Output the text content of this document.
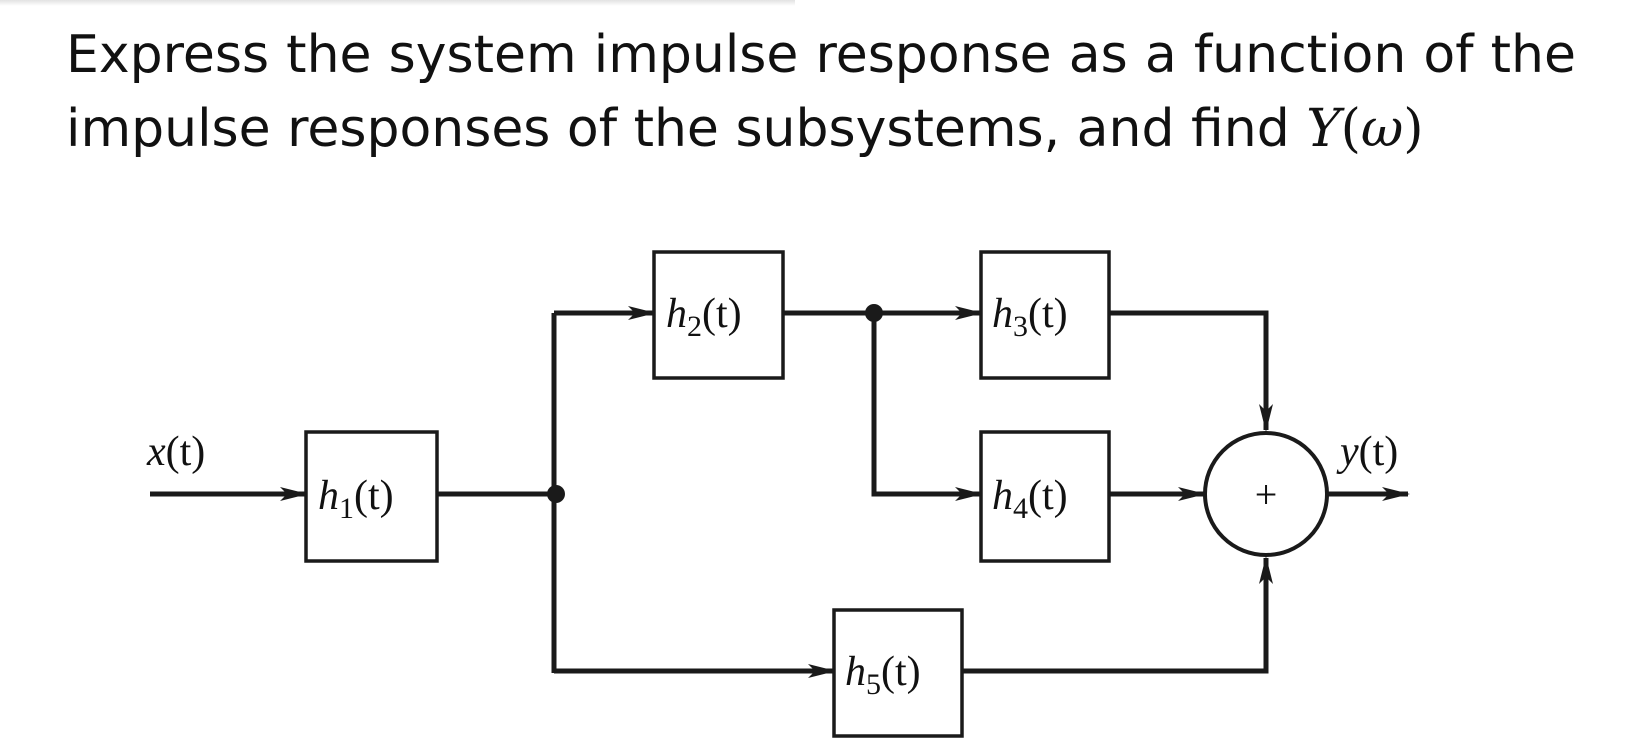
Express the system impulse response as a function of the impulse responses of the subsystems, and find Y(ω)

+
x(t)	y(t)
$h_1(t)$
$h_2(t)$	$h_3(t)$
$h_4(t)$
$h_5(t)$
